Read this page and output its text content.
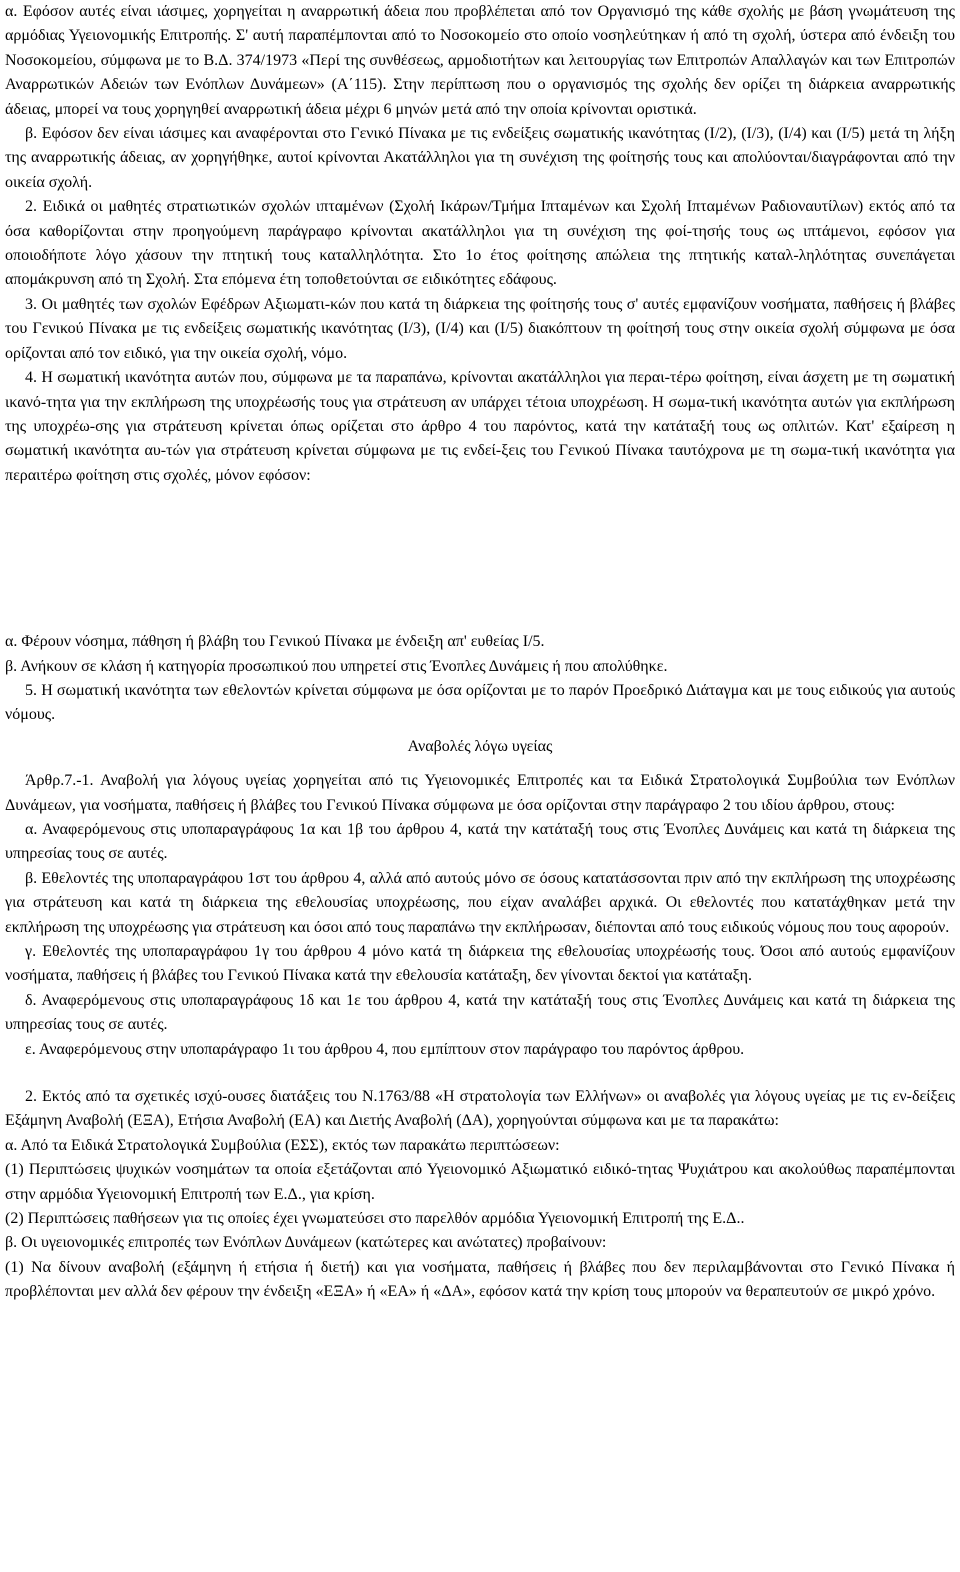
α. Εφόσον αυτές είναι ιάσιμες, χορηγείται η αναρρωτική άδεια που προβλέπεται από τον Οργανισμό της κάθε σχολής με βάση γνωμάτευση της αρμόδιας Υγειονομικής Επιτροπής. Σ' αυτή παραπέμπονται από το Νοσοκομείο στο οποίο νοσηλεύτηκαν ή από τη σχολή, ύστερα από ένδειξη του Νοσοκομείου, σύμφωνα με το Β.Δ. 374/1973 «Περί της συνθέσεως, αρμοδιοτήτων και λειτουργίας των Επιτροπών Απαλλαγών και των Επιτροπών Αναρρωτικών Αδειών των Ενόπλων Δυνάμεων» (Α΄115). Στην περίπτωση που ο οργανισμός της σχολής δεν ορίζει τη διάρκεια αναρρωτικής άδειας, μπορεί να τους χορηγηθεί αναρρωτική άδεια μέχρι 6 μηνών μετά από την οποία κρίνονται οριστικά.

β. Εφόσον δεν είναι ιάσιμες και αναφέρονται στο Γενικό Πίνακα με τις ενδείξεις σωματικής ικανότητας (Ι/2), (Ι/3), (Ι/4) και (Ι/5) μετά τη λήξη της αναρρωτικής άδειας, αν χορηγήθηκε, αυτοί κρίνονται Ακατάλληλοι για τη συνέχιση της φοίτησής τους και απολύονται/διαγράφονται από την οικεία σχολή.

2. Ειδικά οι μαθητές στρατιωτικών σχολών ιπταμένων (Σχολή Ικάρων/Τμήμα Ιπταμένων και Σχολή Ιπταμένων Ραδιοναυτίλων) εκτός από τα όσα καθορίζονται στην προηγούμενη παράγραφο κρίνονται ακατάλληλοι για τη συνέχιση της φοί-τησής τους ως ιπτάμενοι, εφόσον για οποιοδήποτε λόγο χάσουν την πτητική τους καταλληλότητα. Στο 1ο έτος φοίτησης απώλεια της πτητικής καταλ-ληλότητας συνεπάγεται απομάκρυνση από τη Σχολή. Στα επόμενα έτη τοποθετούνται σε ειδικότητες εδάφους.

3. Οι μαθητές των σχολών Εφέδρων Αξιωματι-κών που κατά τη διάρκεια της φοίτησής τους σ' αυτές εμφανίζουν νοσήματα, παθήσεις ή βλάβες του Γενικού Πίνακα με τις ενδείξεις σωματικής ικανότητας (Ι/3), (Ι/4) και (Ι/5) διακόπτουν τη φοίτησή τους στην οικεία σχολή σύμφωνα με όσα ορίζονται από τον ειδικό, για την οικεία σχολή, νόμο.

4. Η σωματική ικανότητα αυτών που, σύμφωνα με τα παραπάνω, κρίνονται ακατάλληλοι για περαι-τέρω φοίτηση, είναι άσχετη με τη σωματική ικανό-τητα για την εκπλήρωση της υποχρέωσής τους για στράτευση αν υπάρχει τέτοια υποχρέωση. Η σωμα-τική ικανότητα αυτών για εκπλήρωση της υποχρέω-σης για στράτευση κρίνεται όπως ορίζεται στο άρθρο 4 του παρόντος, κατά την κατάταξή τους ως οπλιτών. Κατ' εξαίρεση η σωματική ικανότητα αυ-τών για στράτευση κρίνεται σύμφωνα με τις ενδεί-ξεις του Γενικού Πίνακα ταυτόχρονα με τη σωμα-τική ικανότητα για περαιτέρω φοίτηση στις σχολές, μόνον εφόσον:

α. Φέρουν νόσημα, πάθηση ή βλάβη του Γενικού Πίνακα με ένδειξη απ' ευθείας Ι/5.

β. Ανήκουν σε κλάση ή κατηγορία προσωπικού που υπηρετεί στις Ένοπλες Δυνάμεις ή που απολύθηκε.

5. Η σωματική ικανότητα των εθελοντών κρίνεται σύμφωνα με όσα ορίζονται με το παρόν Προεδρικό Διάταγμα και με τους ειδικούς για αυτούς νόμους.

Αναβολές λόγω υγείας

Άρθρ.7.-1. Αναβολή για λόγους υγείας χορηγείται από τις Υγειονομικές Επιτροπές και τα Ειδικά Στρατολογικά Συμβούλια των Ενόπλων Δυνάμεων, για νοσήματα, παθήσεις ή βλάβες του Γενικού Πίνακα σύμφωνα με όσα ορίζονται στην παράγραφο 2 του ιδίου άρθρου, στους:

α. Αναφερόμενους στις υποπαραγράφους 1α και 1β του άρθρου 4, κατά την κατάταξή τους στις Ένοπλες Δυνάμεις και κατά τη διάρκεια της υπηρεσίας τους σε αυτές.

β. Εθελοντές της υποπαραγράφου 1στ του άρθρου 4, αλλά από αυτούς μόνο σε όσους κατατάσσονται πριν από την εκπλήρωση της υποχρέωσης για στράτευση και κατά τη διάρκεια της εθελουσίας υποχρέωσης, που είχαν αναλάβει αρχικά. Οι εθελοντές που κατατάχθηκαν μετά την εκπλήρωση της υποχρέωσης για στράτευση και όσοι από τους παραπάνω την εκπλήρωσαν, διέπονται από τους ειδικούς νόμους που τους αφορούν.

γ. Εθελοντές της υποπαραγράφου 1γ του άρθρου 4 μόνο κατά τη διάρκεια της εθελουσίας υποχρέωσής τους. Όσοι από αυτούς εμφανίζουν νοσήματα, παθήσεις ή βλάβες του Γενικού Πίνακα κατά την εθελουσία κατάταξη, δεν γίνονται δεκτοί για κατάταξη.

δ. Αναφερόμενους στις υποπαραγράφους 1δ και 1ε του άρθρου 4, κατά την κατάταξή τους στις Ένοπλες Δυνάμεις και κατά τη διάρκεια της υπηρεσίας τους σε αυτές.

ε. Αναφερόμενους στην υποπαράγραφο 1ι του άρθρου 4, που εμπίπτουν στον παράγραφο του παρόντος άρθρου.

2. Εκτός από τα σχετικές ισχύ-ουσες διατάξεις του Ν.1763/88 «Η στρατολογία των Ελλήνων» οι αναβολές για λόγους υγείας με τις εν-δείξεις Εξάμηνη Αναβολή (ΕΞΑ), Ετήσια Αναβολή (ΕΑ) και Διετής Αναβολή (ΔΑ), χορηγούνται σύμφωνα και με τα παρακάτω:

α. Από τα Ειδικά Στρατολογικά Συμβούλια (ΕΣΣ), εκτός των παρακάτω περιπτώσεων:

(1) Περιπτώσεις ψυχικών νοσημάτων τα οποία εξετάζονται από Υγειονομικό Αξιωματικό ειδικό-τητας Ψυχιάτρου και ακολούθως παραπέμπονται στην αρμόδια Υγειονομική Επιτροπή των Ε.Δ., για κρίση.

(2) Περιπτώσεις παθήσεων για τις οποίες έχει γνωματεύσει στο παρελθόν αρμόδια Υγειονομική Επιτροπή της Ε.Δ..

β. Οι υγειονομικές επιτροπές των Ενόπλων Δυνάμεων (κατώτερες και ανώτατες) προβαίνουν:

(1) Να δίνουν αναβολή (εξάμηνη ή ετήσια ή διετή) και για νοσήματα, παθήσεις ή βλάβες που δεν περιλαμβάνονται στο Γενικό Πίνακα ή προβλέπονται μεν αλλά δεν φέρουν την ένδειξη «ΕΞΑ» ή «ΕΑ» ή «ΔΑ», εφόσον κατά την κρίση τους μπορούν να θεραπευτούν σε μικρό χρόνο.
